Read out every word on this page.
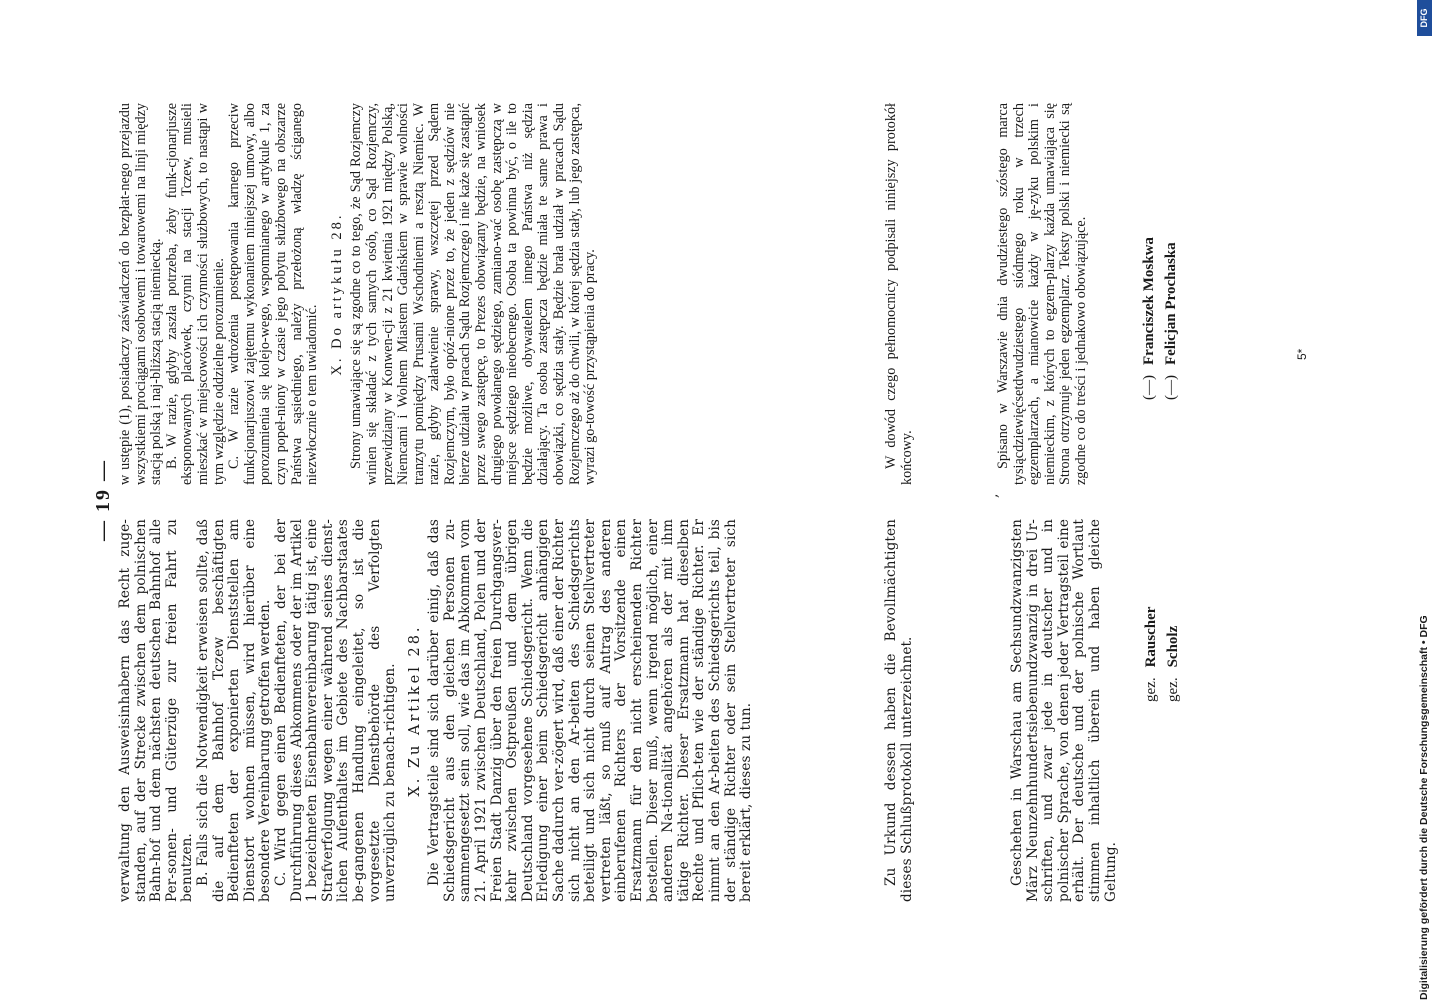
— 19 —

verwaltung den Ausweisinhabern das Recht zuge-standen, auf der Strecke zwischen dem polnischen Bahn-hof und dem nächsten deutschen Bahnhof alle Per-sonen- und Güterzüge zur freien Fahrt zu benutzen. B. Falls sich die Notwendigkeit erweisen sollte, daß die auf dem Bahnhof Tczew beschäftigten Bedienfteten der exponierten Dienststellen am Dienstort wohnen müssen, wird hierüber eine besondere Vereinbarung getroffen werden. C. Wird gegen einen Bedienfteten, der bei der Durchführung dieses Abkommens oder der im Artikel 1 bezeichneten Eisenbahnvereinbarung tätig ist, eine Strafverfolgung wegen einer während seines dienst-lichen Aufenthaltes im Gebiete des Nachbarstaates be-gangenen Handlung eingeleitet, so ist die vorgesetzte Dienstbehörde des Verfolgten unverzüglich zu benach-richtigen. X. Zu Artikel 28. Die Vertragsteile sind sich darüber einig, daß das Schiedsgericht aus den gleichen Personen zu-sammengesetzt sein soll, wie das im Abkommen vom 21. April 1921 zwischen Deutschland, Polen und der Freien Stadt Danzig über den freien Durchgangsver-kehr zwischen Ostpreußen und dem übrigen Deutschland vorgesehene Schiedsgericht. Wenn die Erledigung einer beim Schiedsgericht anhängigen Sache dadurch ver-zögert wird, daß einer der Richter sich nicht an den Ar-beiten des Schiedsgerichts beteiligt und sich nicht durch seinen Stellvertreter vertreten läßt, so muß auf Antrag des anderen einberufenen Richters der Vorsitzende einen Ersatzmann für den nicht erscheinenden Richter bestellen. Dieser muß, wenn irgend möglich, einer anderen Na-tionalität angehören als der mit ihm tätige Richter. Dieser Ersatzmann hat dieselben Rechte und Pflich-ten wie der ständige Richter. Er nimmt an den Ar-beiten des Schiedsgerichts teil, bis der ständige Richter oder sein Stellvertreter sich bereit erklärt, dieses zu tun.	Zu Urkund dessen haben die Bevollmächtigten dieses Schlußprotokoll unterzeichnet.	Geschehen in Warschau am Sechsundzwanzigsten März Neunzehnhundertsiebenundzwanzig in drei Ur-schriften, und zwar jede in deutscher und in polnischer Sprache, von denen jeder Vertragsteil eine erhält. Der deutsche und der polnische Wortlaut stimmen inhaltlich überein und haben gleiche Geltung.

gez.Rauscher
gez.Scholz

w ustępie (1), posiadaczy zaświadczeń do bezpłat-nego przejazdu wszystkiemi prociągami osobowemi i towarowemi na linji między stacją polską i naj-bliższą stacją niemiecką. B. W razie, gdyby zaszła potrzeba, żeby funk-cjonarjusze eksponowanych placówek, czynni na stacji Tczew, musieli mieszkać w miejscowości ich czynności służbowych, to nastąpi w tym względzie oddzielne porozumienie. C. W razie wdrożenia postępowania karnego przeciw funkcjonarjuszowi zajętemu wykonaniem niniejszej umowy, albo porozumienia się kolejo-wego, wspomnianego w artykule 1, za czyn popeł-niony w czasie jego pobytu służbowego na obszarze Państwa sąsiedniego, należy przełożoną władzę ściganego niezwłocznie o tem uwiadomić.

X. Do artykułu 28. Strony umawiające się są zgodne co to tego, że Sąd Rozjemczy winien się składać z tych samych osób, co Sąd Rozjemczy, przewidziany w Konwen-cji z 21 kwietnia 1921 między Polską, Niemcami i Wolnem Miastem Gdańskiem w sprawie wolności tranzytu pomiędzy Prusami Wschodniemi a resztą Niemiec. W razie, gdyby załatwienie sprawy, wszczętej przed Sądem Rozjemczym, było opóź-nione przez to, że jeden z sędziów nie bierze udziału w pracach Sądu Rozjemczego i nie każe się zastąpić przez swego zastępcę, to Prezes obowiązany będzie, na wniosek drugiego powołanego sędziego, zamiano-wać osobę zastępczą w miejsce sędziego nieobecnego. Osoba ta powinna być, o ile to będzie możliwe, obywatelem innego Państwa niż sędzia działający. Ta osoba zastępcza będzie miała te same prawa i obowiązki, co sędzia stały. Będzie brała udział w pracach Sądu Rozjemczego aż do chwili, w której sędzia stały, lub jego zastępca, wyrazi go-towość przystąpienia do pracy.	W dowód czego pełnomocnicy podpisali niniejszy protokół końcowy.	Spisano w Warszawie dnia dwudziestego szóstego marca tysiącdziewięćsetdwudziestego siódmego roku w trzech egzemplarzach, a mianowicie każdy w ję-zyku polskim i niemieckim, z których to egzem-plarzy każda umawiająca się Strona otrzymuje jeden egzemplarz. Teksty polski i niemiecki są zgodne co do treści i jednakowo obowiązujące.

,
(—)Franciszek Moskwa
(—)Felicjan Prochaska	5*
Digitalisierung gefördert durch die Deutsche Forschungsgemeinschaft • DFG
DFG
